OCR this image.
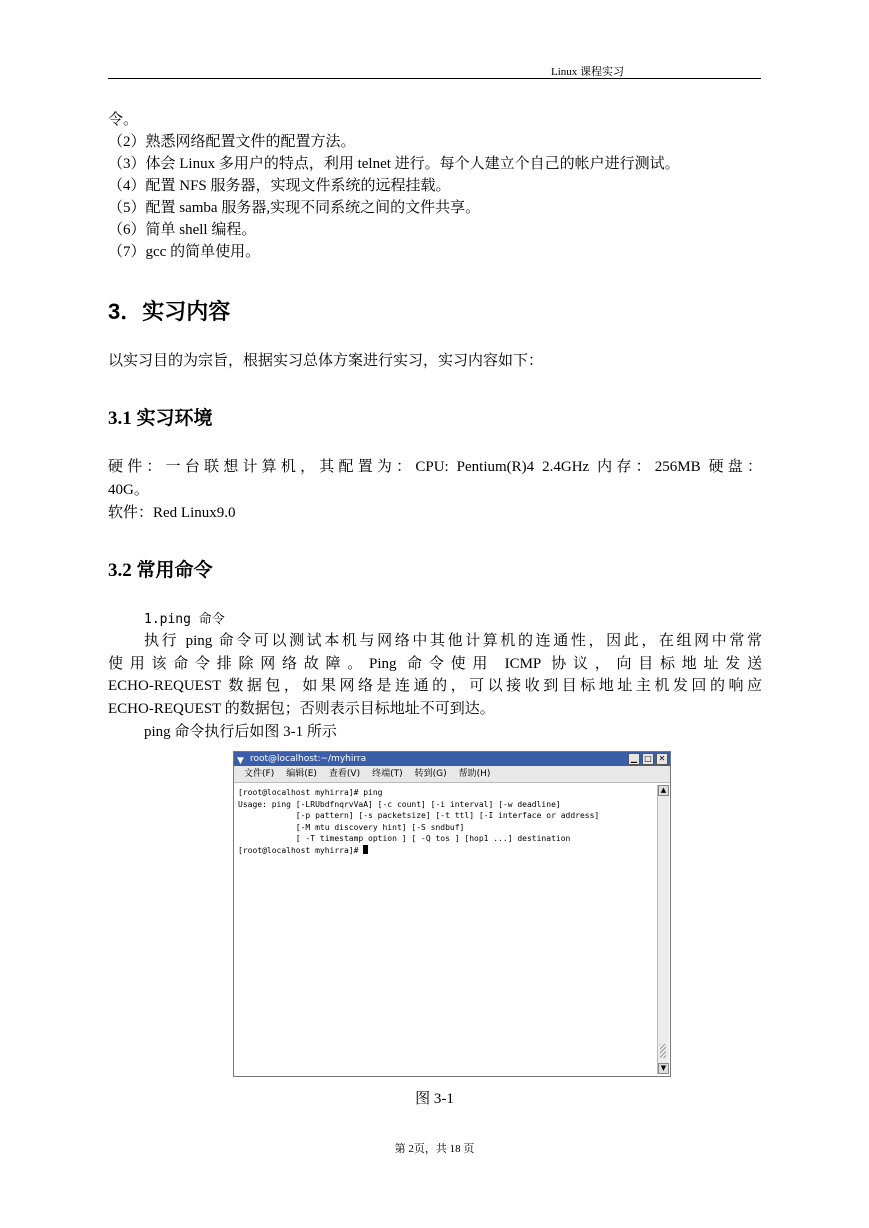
Linux 课程实习
令。
（2）熟悉网络配置文件的配置方法。
（3）体会 Linux 多用户的特点，利用 telnet 进行。每个人建立个自己的帐户进行测试。
（4）配置 NFS 服务器，实现文件系统的远程挂载。
（5）配置 samba 服务器,实现不同系统之间的文件共享。
（6）简单 shell 编程。
（7）gcc 的简单使用。
3．实习内容
以实习目的为宗旨，根据实习总体方案进行实习，实习内容如下：
3.1 实习环境
硬件：一台联想计算机，其配置为：CPU: Pentium(R)4 2.4GHz 内存：256MB 硬盘：
40G。
软件：Red Linux9.0
3.2 常用命令
1.ping 命令
执行 ping 命令可以测试本机与网络中其他计算机的连通性，因此，在组网中常常
使用该命令排除网络故障。Ping 命令使用 ICMP 协议，向目标地址发送
ECHO-REQUEST 数据包，如果网络是连通的，可以接收到目标地址主机发回的响应
ECHO-REQUEST 的数据包；否则表示目标地址不可到达。
ping 命令执行后如图 3-1 所示
▼ root@localhost:~/myhirra	▁ □ ✕
文件(F) 编辑(E) 查看(V) 终端(T) 转到(G) 帮助(H)
[root@localhost myhirra]# ping
Usage: ping [-LRUbdfnqrvVaA] [-c count] [-i interval] [-w deadline]
[-p pattern] [-s packetsize] [-t ttl] [-I interface or address]
[-M mtu discovery hint] [-S sndbuf]
[ -T timestamp option ] [ -Q tos ] [hop1 ...] destination
[root@localhost myhirra]#
▲
▼
图 3-1
第 2页，共 18 页
